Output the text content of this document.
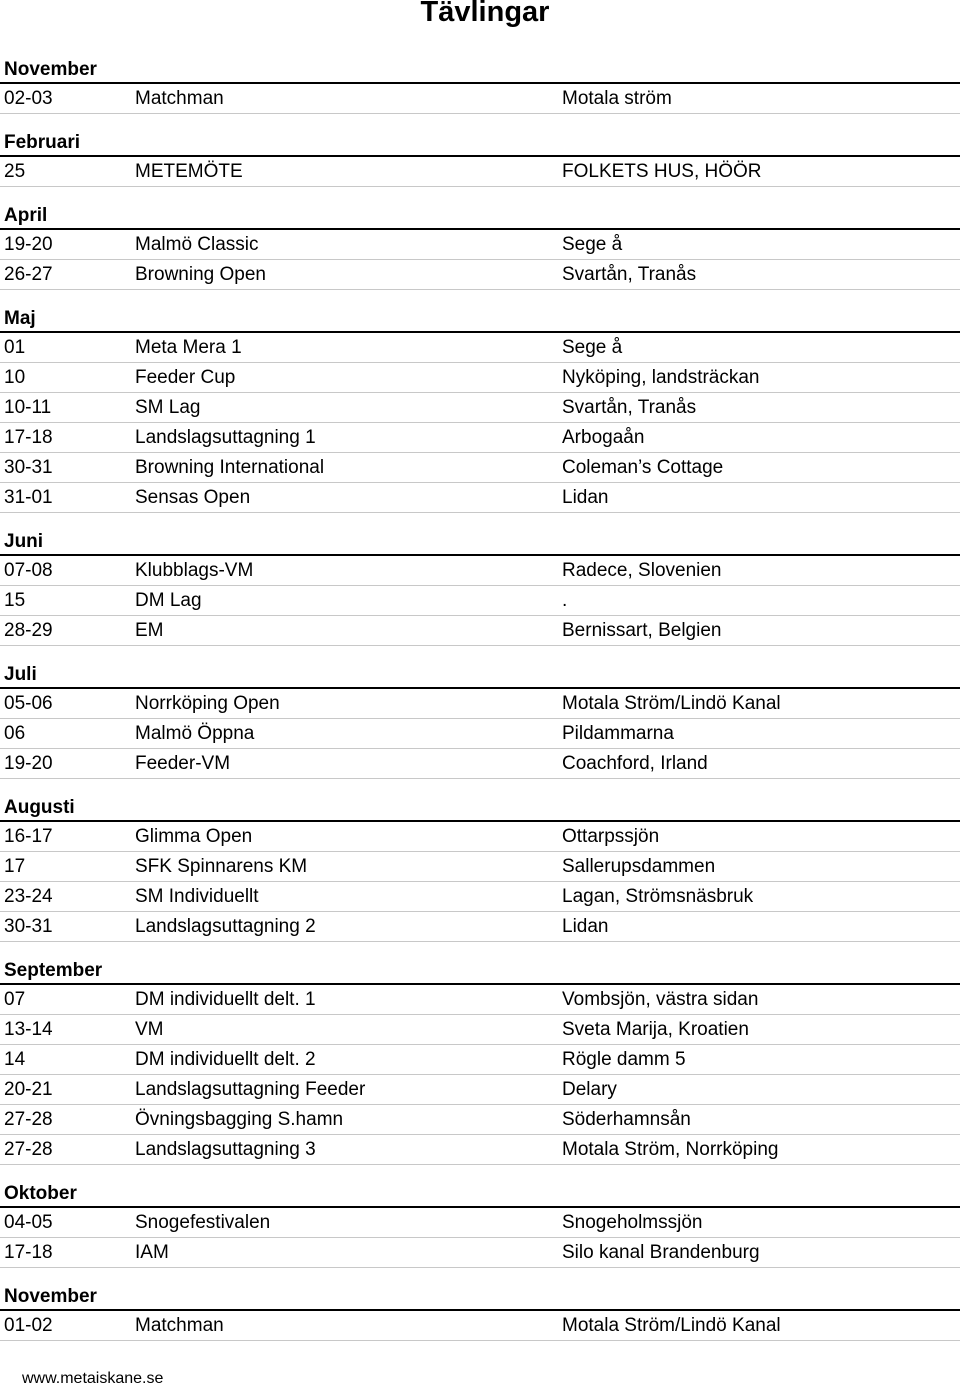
Tävlingar
November
02-03	Matchman	Motala ström
Februari
25	METEMÖTE	FOLKETS HUS, HÖÖR
April
19-20	Malmö Classic	Sege å
26-27	Browning Open	Svartån, Tranås
Maj
01	Meta Mera 1	Sege å
10	Feeder Cup	Nyköping, landsträckan
10-11	SM Lag	Svartån, Tranås
17-18	Landslagsuttagning 1	Arbogaån
30-31	Browning International	Coleman’s Cottage
31-01	Sensas Open	Lidan
Juni
07-08	Klubblags-VM	Radece, Slovenien
15	DM Lag	.
28-29	EM	Bernissart, Belgien
Juli
05-06	Norrköping Open	Motala Ström/Lindö Kanal
06	Malmö Öppna	Pildammarna
19-20	Feeder-VM	Coachford, Irland
Augusti
16-17	Glimma Open	Ottarpssjön
17	SFK Spinnarens KM	Sallerupsdammen
23-24	SM Individuellt	Lagan, Strömsnäsbruk
30-31	Landslagsuttagning 2	Lidan
September
07	DM individuellt delt. 1	Vombsjön, västra sidan
13-14	VM	Sveta Marija, Kroatien
14	DM individuellt delt. 2	Rögle damm 5
20-21	Landslagsuttagning Feeder	Delary
27-28	Övningsbagging S.hamn	Söderhamnsån
27-28	Landslagsuttagning 3	Motala Ström, Norrköping
Oktober
04-05	Snogefestivalen	Snogeholmssjön
17-18	IAM	Silo kanal Brandenburg
November
01-02	Matchman	Motala Ström/Lindö Kanal
www.metaiskane.se
